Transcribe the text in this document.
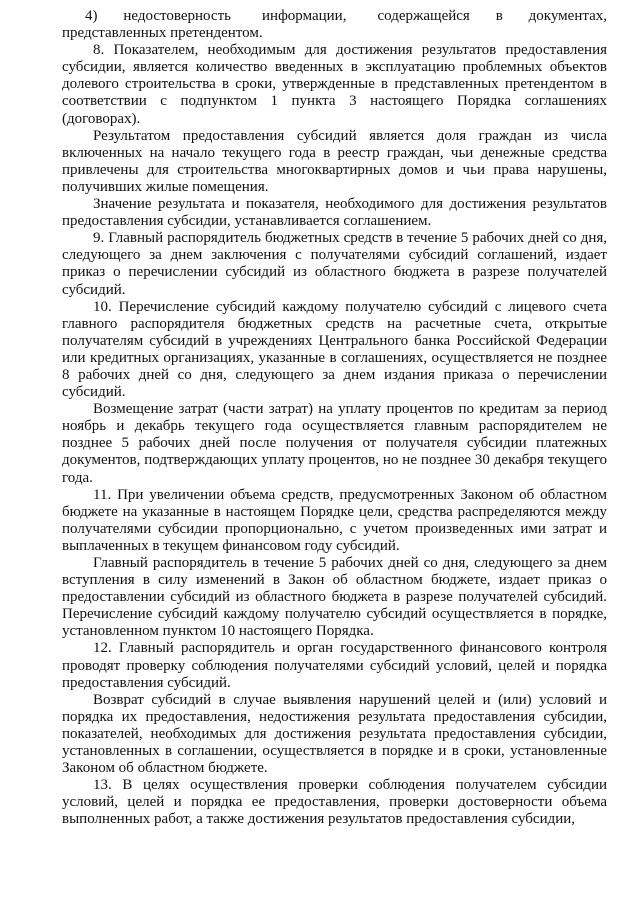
4)     недостоверность      информации,      содержащейся     в     документах, представленных претендентом.

8. Показателем, необходимым для достижения результатов предоставления субсидии, является количество введенных в эксплуатацию проблемных объектов долевого строительства в сроки, утвержденные в представленных претендентом в соответствии с подпунктом 1 пункта 3 настоящего Порядка соглашениях (договорах).

Результатом предоставления субсидий является доля граждан из числа включенных на начало текущего года в реестр граждан, чьи денежные средства привлечены для строительства многоквартирных домов и чьи права нарушены, получивших жилые помещения.

Значение результата и показателя, необходимого для достижения результатов предоставления субсидии, устанавливается соглашением.

9. Главный распорядитель бюджетных средств в течение 5 рабочих дней со дня, следующего за днем заключения с получателями субсидий соглашений, издает приказ о перечислении субсидий из областного бюджета в разрезе получателей субсидий.

10. Перечисление субсидий каждому получателю субсидий с лицевого счета главного распорядителя бюджетных средств на расчетные счета, открытые получателям субсидий в учреждениях Центрального банка Российской Федерации или кредитных организациях, указанные в соглашениях, осуществляется не позднее 8 рабочих дней со дня, следующего за днем издания приказа о перечислении субсидий.

Возмещение затрат (части затрат) на уплату процентов по кредитам за период ноябрь и декабрь текущего года осуществляется главным распорядителем не позднее 5 рабочих дней после получения от получателя субсидии платежных документов, подтверждающих уплату процентов, но не позднее 30 декабря текущего года.

11. При увеличении объема средств, предусмотренных Законом об областном бюджете на указанные в настоящем Порядке цели, средства распределяются между получателями субсидии пропорционально, с учетом произведенных ими затрат и выплаченных в текущем финансовом году субсидий.

Главный распорядитель в течение 5 рабочих дней со дня, следующего за днем вступления в силу изменений в Закон об областном бюджете, издает приказ о предоставлении субсидий из областного бюджета в разрезе получателей субсидий. Перечисление субсидий каждому получателю субсидий осуществляется в порядке, установленном пунктом 10 настоящего Порядка.

12. Главный распорядитель и орган государственного финансового контроля проводят проверку соблюдения получателями субсидий условий, целей и порядка предоставления субсидий.

Возврат субсидий в случае выявления нарушений целей и (или) условий и порядка их предоставления, недостижения результата предоставления субсидии, показателей, необходимых для достижения результата предоставления субсидии, установленных в соглашении, осуществляется в порядке и в сроки, установленные Законом об областном бюджете.

13. В целях осуществления проверки соблюдения получателем субсидии условий, целей и порядка ее предоставления, проверки достоверности объема выполненных работ, а также достижения результатов предоставления субсидии,
